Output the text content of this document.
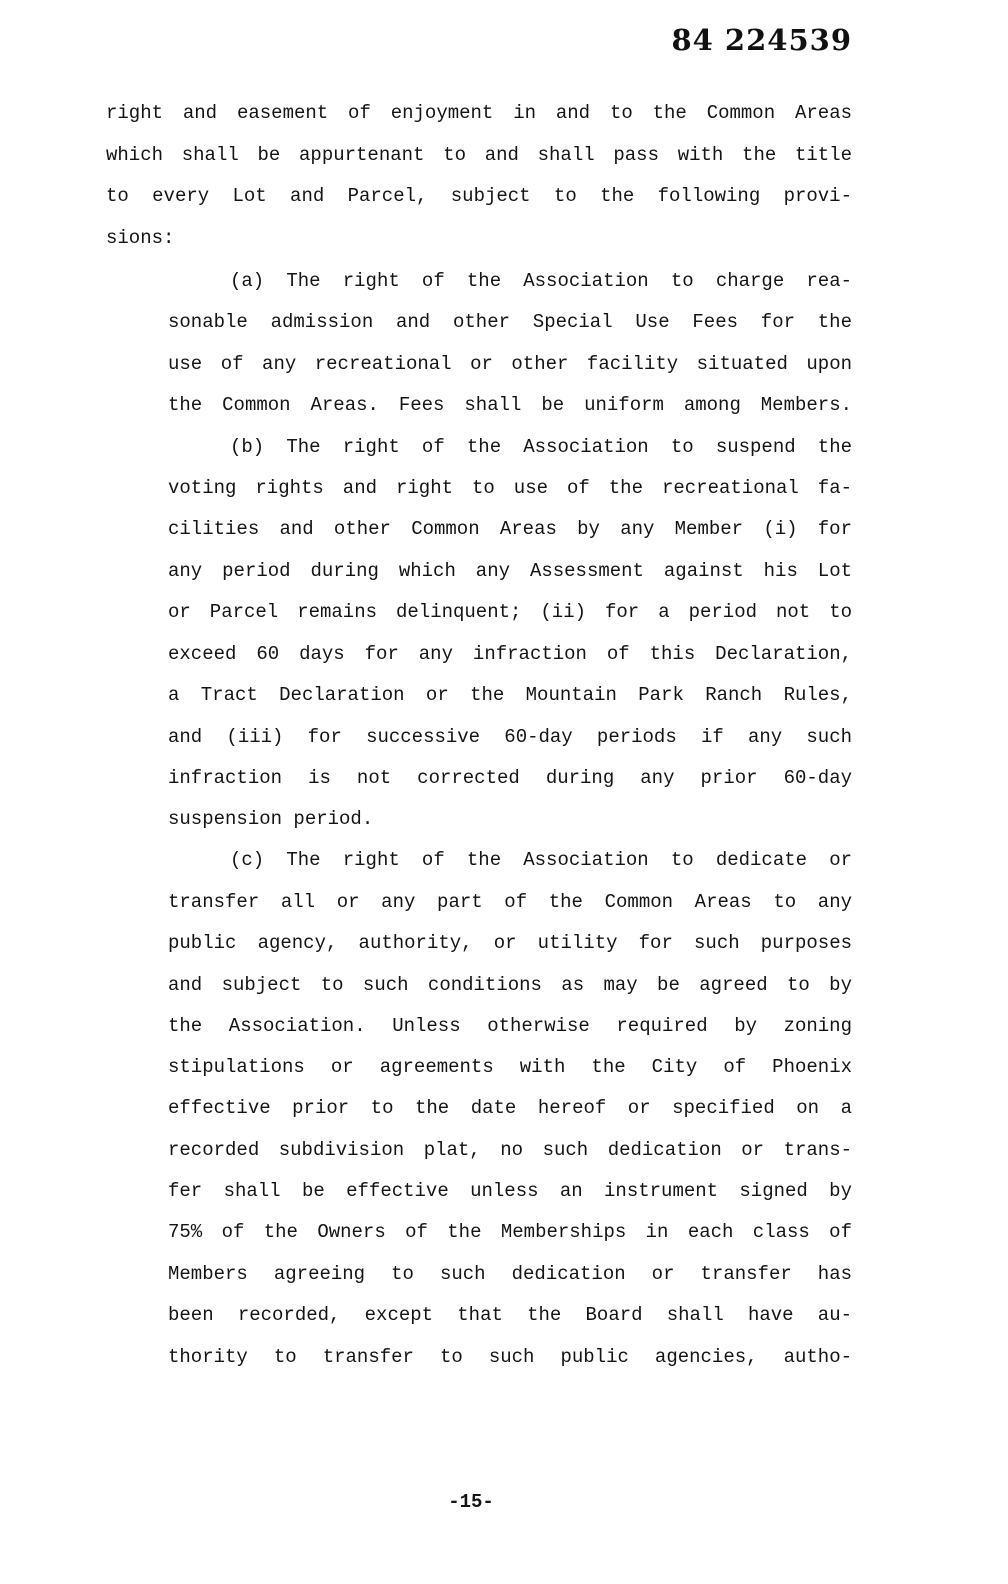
84 224539
right and easement of enjoyment in and to the Common Areas
which shall be appurtenant to and shall pass with the title
to every Lot and Parcel, subject to the following provi-
sions:
(a) The right of the Association to charge rea-
sonable admission and other Special Use Fees for the
use of any recreational or other facility situated upon
the Common Areas. Fees shall be uniform among Members.
(b) The right of the Association to suspend the
voting rights and right to use of the recreational fa-
cilities and other Common Areas by any Member (i) for
any period during which any Assessment against his Lot
or Parcel remains delinquent; (ii) for a period not to
exceed 60 days for any infraction of this Declaration,
a Tract Declaration or the Mountain Park Ranch Rules,
and (iii) for successive 60-day periods if any such
infraction is not corrected during any prior 60-day
suspension period.
(c) The right of the Association to dedicate or
transfer all or any part of the Common Areas to any
public agency, authority, or utility for such purposes
and subject to such conditions as may be agreed to by
the Association. Unless otherwise required by zoning
stipulations or agreements with the City of Phoenix
effective prior to the date hereof or specified on a
recorded subdivision plat, no such dedication or trans-
fer shall be effective unless an instrument signed by
75% of the Owners of the Memberships in each class of
Members agreeing to such dedication or transfer has
been recorded, except that the Board shall have au-
thority to transfer to such public agencies, autho-
-15-
